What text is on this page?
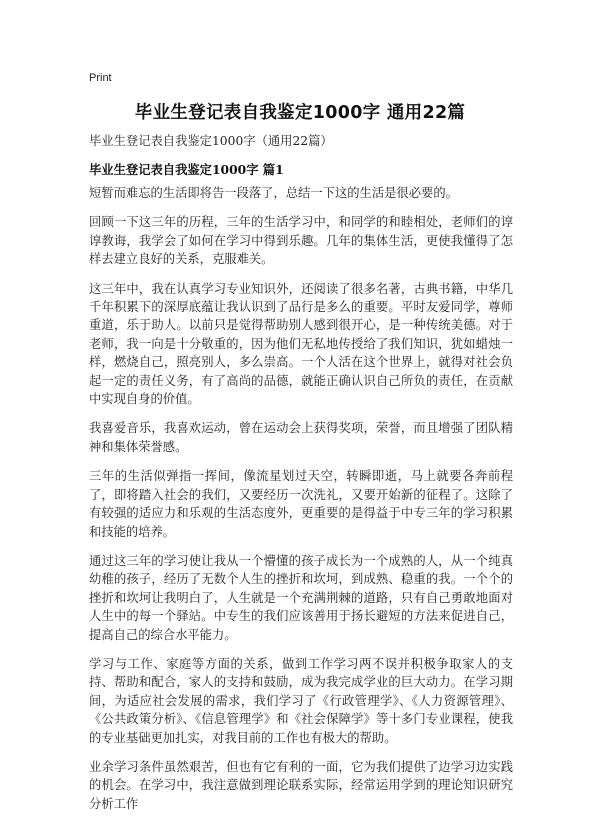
Print
毕业生登记表自我鉴定1000字 通用22篇
毕业生登记表自我鉴定1000字（通用22篇）
毕业生登记表自我鉴定1000字 篇1

短暂而难忘的生活即将告一段落了，总结一下这的生活是很必要的。

回顾一下这三年的历程，三年的生活学习中，和同学的和睦相处，老师们的谆谆教诲，我学会了如何在学习中得到乐趣。几年的集体生活，更使我懂得了怎样去建立良好的关系，克服难关。

这三年中，我在认真学习专业知识外，还阅读了很多名著，古典书籍，中华几千年积累下的深厚底蕴让我认识到了品行是多么的重要。平时友爱同学，尊师重道，乐于助人。以前只是觉得帮助别人感到很开心，是一种传统美德。对于老师，我一向是十分敬重的，因为他们无私地传授给了我们知识，犹如蜡烛一样，燃烧自己，照亮别人，多么崇高。一个人活在这个世界上，就得对社会负起一定的责任义务，有了高尚的品德，就能正确认识自己所负的责任，在贡献中实现自身的价值。

我喜爱音乐，我喜欢运动，曾在运动会上获得奖项，荣誉，而且增强了团队精神和集体荣誉感。

三年的生活似弹指一挥间，像流星划过天空，转瞬即逝，马上就要各奔前程了，即将踏入社会的我们，又要经历一次洗礼，又要开始新的征程了。这除了有较强的适应力和乐观的生活态度外，更重要的是得益于中专三年的学习积累和技能的培养。

通过这三年的学习使让我从一个懵懂的孩子成长为一个成熟的人，从一个纯真幼稚的孩子，经历了无数个人生的挫折和坎坷，到成熟、稳重的我。一个个的挫折和坎坷让我明白了，人生就是一个充满荆棘的道路，只有自己勇敢地面对人生中的每一个驿站。中专生的我们应该善用于扬长避短的方法来促进自己，提高自己的综合水平能力。

学习与工作、家庭等方面的关系，做到工作学习两不误并积极争取家人的支持、帮助和配合，家人的支持和鼓励，成为我完成学业的巨大动力。在学习期间，为适应社会发展的需求，我们学习了《行政管理学》、《人力资源管理》、《公共政策分析》、《信息管理学》和《社会保障学》等十多门专业课程，使我的专业基础更加扎实，对我目前的工作也有极大的帮助。

业余学习条件虽然艰苦，但也有它有利的一面，它为我们提供了边学习边实践的机会。在学习中，我注意做到理论联系实际，经常运用学到的理论知识研究分析工作
